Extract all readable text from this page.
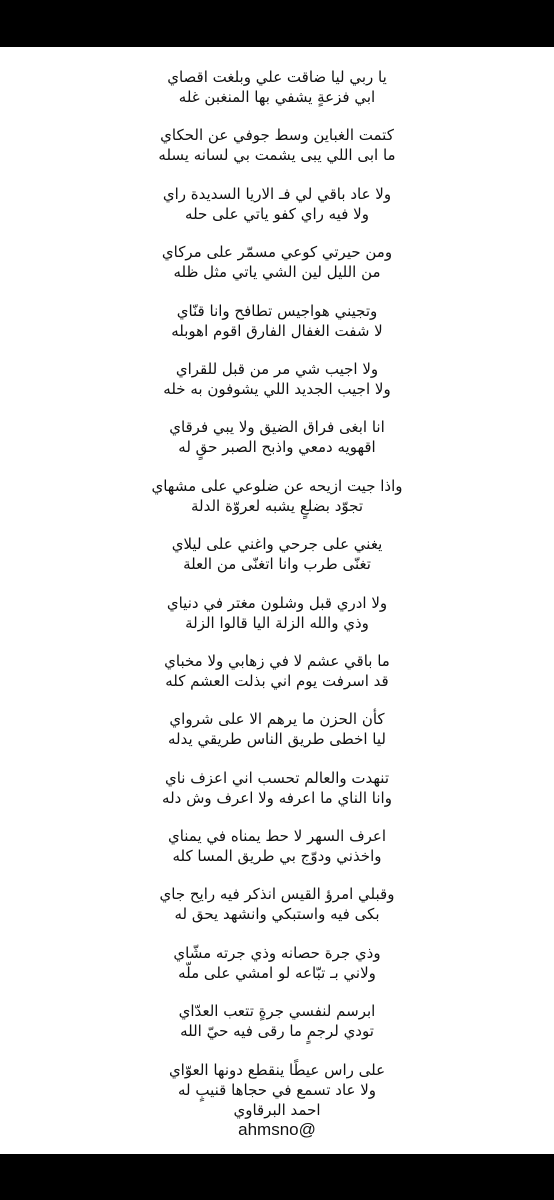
يا ربي ليا ضاقت علي وبلغت اقصاي
ابي فزعةٍ يشفي بها المنغبن غله
كتمت الغباين وسط جوفي عن الحكاي
ما ابى اللي يبى يشمت بي لسانه يسله
ولا عاد باقي لي فـ الاريا السديدة راي
ولا فيه راي كفو ياتي على حله
ومن حيرتي كوعي مسمّر على مركاي
من الليل لين الشي ياتي مثل ظله
وتجيني هواجيس تطافح وانا قنّاي
لا شفت الغفال الفارق اقوم اهوبله
ولا اجيب شي مر من قبل للقراي
ولا اجيب الجديد اللي يشوفون به خله
انا ابغى فراق الضيق ولا يبي فرقاي
اقهويه دمعي واذبح الصبر حقٍ له
واذا جيت ازيحه عن ضلوعي على مشهاي
تجوّد بضلعٍ يشبه لعروّة الدلة
يغني على جرحي واغني على ليلاي
تغنّى طرب وانا اتغنّى من العلة
ولا ادري قبل وشلون مغتر في دنياي
وذي والله الزلة اليا قالوا الزلة
ما باقي عشم لا في زهابي ولا مخباي
قد اسرفت يوم اني بذلت العشم كله
كأن الحزن ما يرهم الا على شرواي
ليا اخطى طريق الناس طريقي يدله
تنهدت والعالم تحسب اني اعزف ناي
وانا الناي ما اعرفه ولا اعرف وش دله
اعرف السهر لا حط يمناه في يمناي
واخذني ودوّج بي طريق المسا كله
وقبلي امرؤ القيس انذكر فيه رايح جاي
بكى فيه واستبكي وانشهد يحق له
وذي جرة حصانه وذي جرته مشّاي
ولاني بـ تبّاعه لو امشي على ملّه
ابرسم لنفسي جرةٍ تتعب العدّاي
تودي لرجمٍ ما رقى فيه حيّ الله
على راس عيطًا ينقطع دونها العوّاي
ولا عاد تسمع في حجاها قنيبٍ له
احمد البرقاوي
ahmsno@
